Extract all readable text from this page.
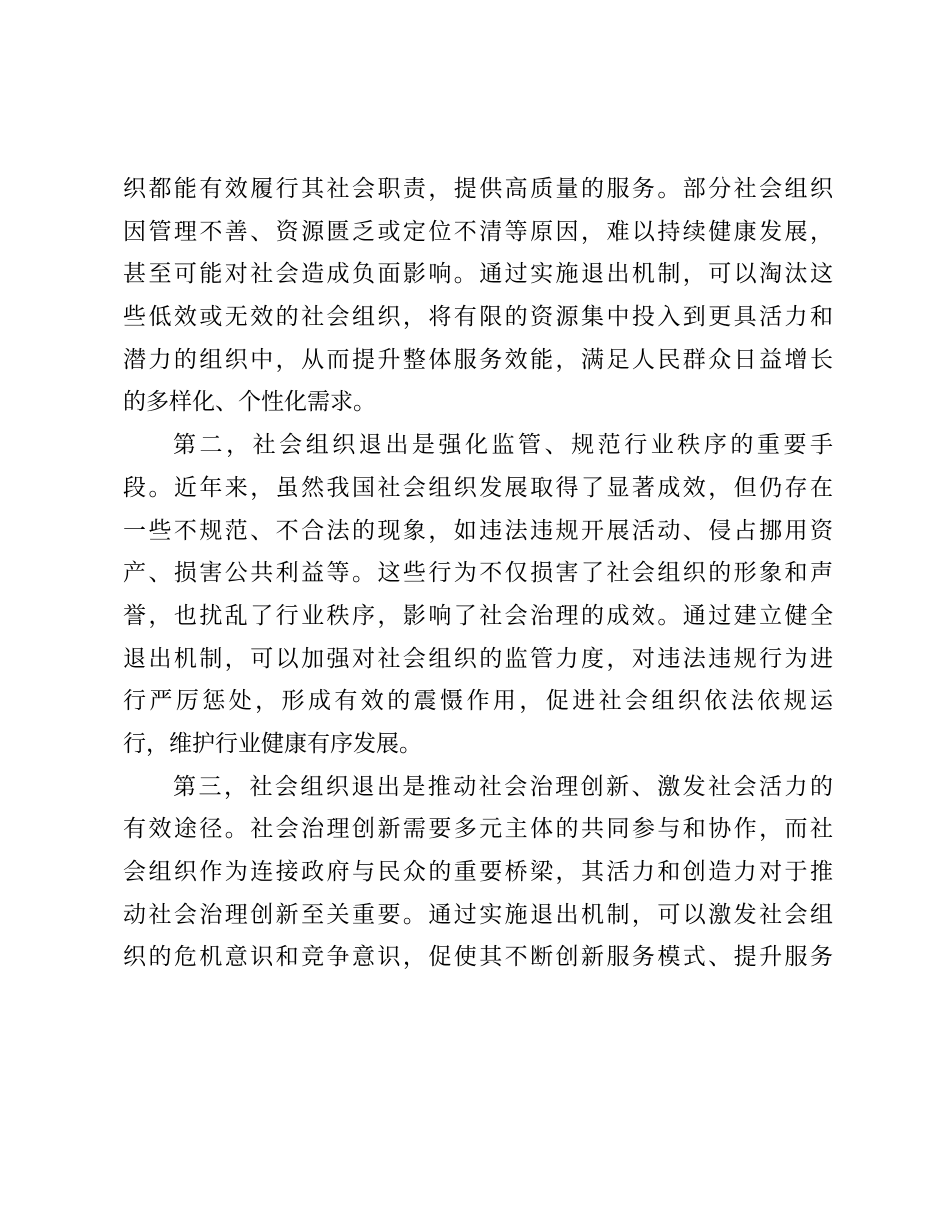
织都能有效履行其社会职责，提供高质量的服务。部分社会组织
因管理不善、资源匮乏或定位不清等原因，难以持续健康发展，
甚至可能对社会造成负面影响。通过实施退出机制，可以淘汰这
些低效或无效的社会组织，将有限的资源集中投入到更具活力和
潜力的组织中，从而提升整体服务效能，满足人民群众日益增长
的多样化、个性化需求。
第二，社会组织退出是强化监管、规范行业秩序的重要手
段。近年来，虽然我国社会组织发展取得了显著成效，但仍存在
一些不规范、不合法的现象，如违法违规开展活动、侵占挪用资
产、损害公共利益等。这些行为不仅损害了社会组织的形象和声
誉，也扰乱了行业秩序，影响了社会治理的成效。通过建立健全
退出机制，可以加强对社会组织的监管力度，对违法违规行为进
行严厉惩处，形成有效的震慑作用，促进社会组织依法依规运
行，维护行业健康有序发展。
第三，社会组织退出是推动社会治理创新、激发社会活力的
有效途径。社会治理创新需要多元主体的共同参与和协作，而社
会组织作为连接政府与民众的重要桥梁，其活力和创造力对于推
动社会治理创新至关重要。通过实施退出机制，可以激发社会组
织的危机意识和竞争意识，促使其不断创新服务模式、提升服务
